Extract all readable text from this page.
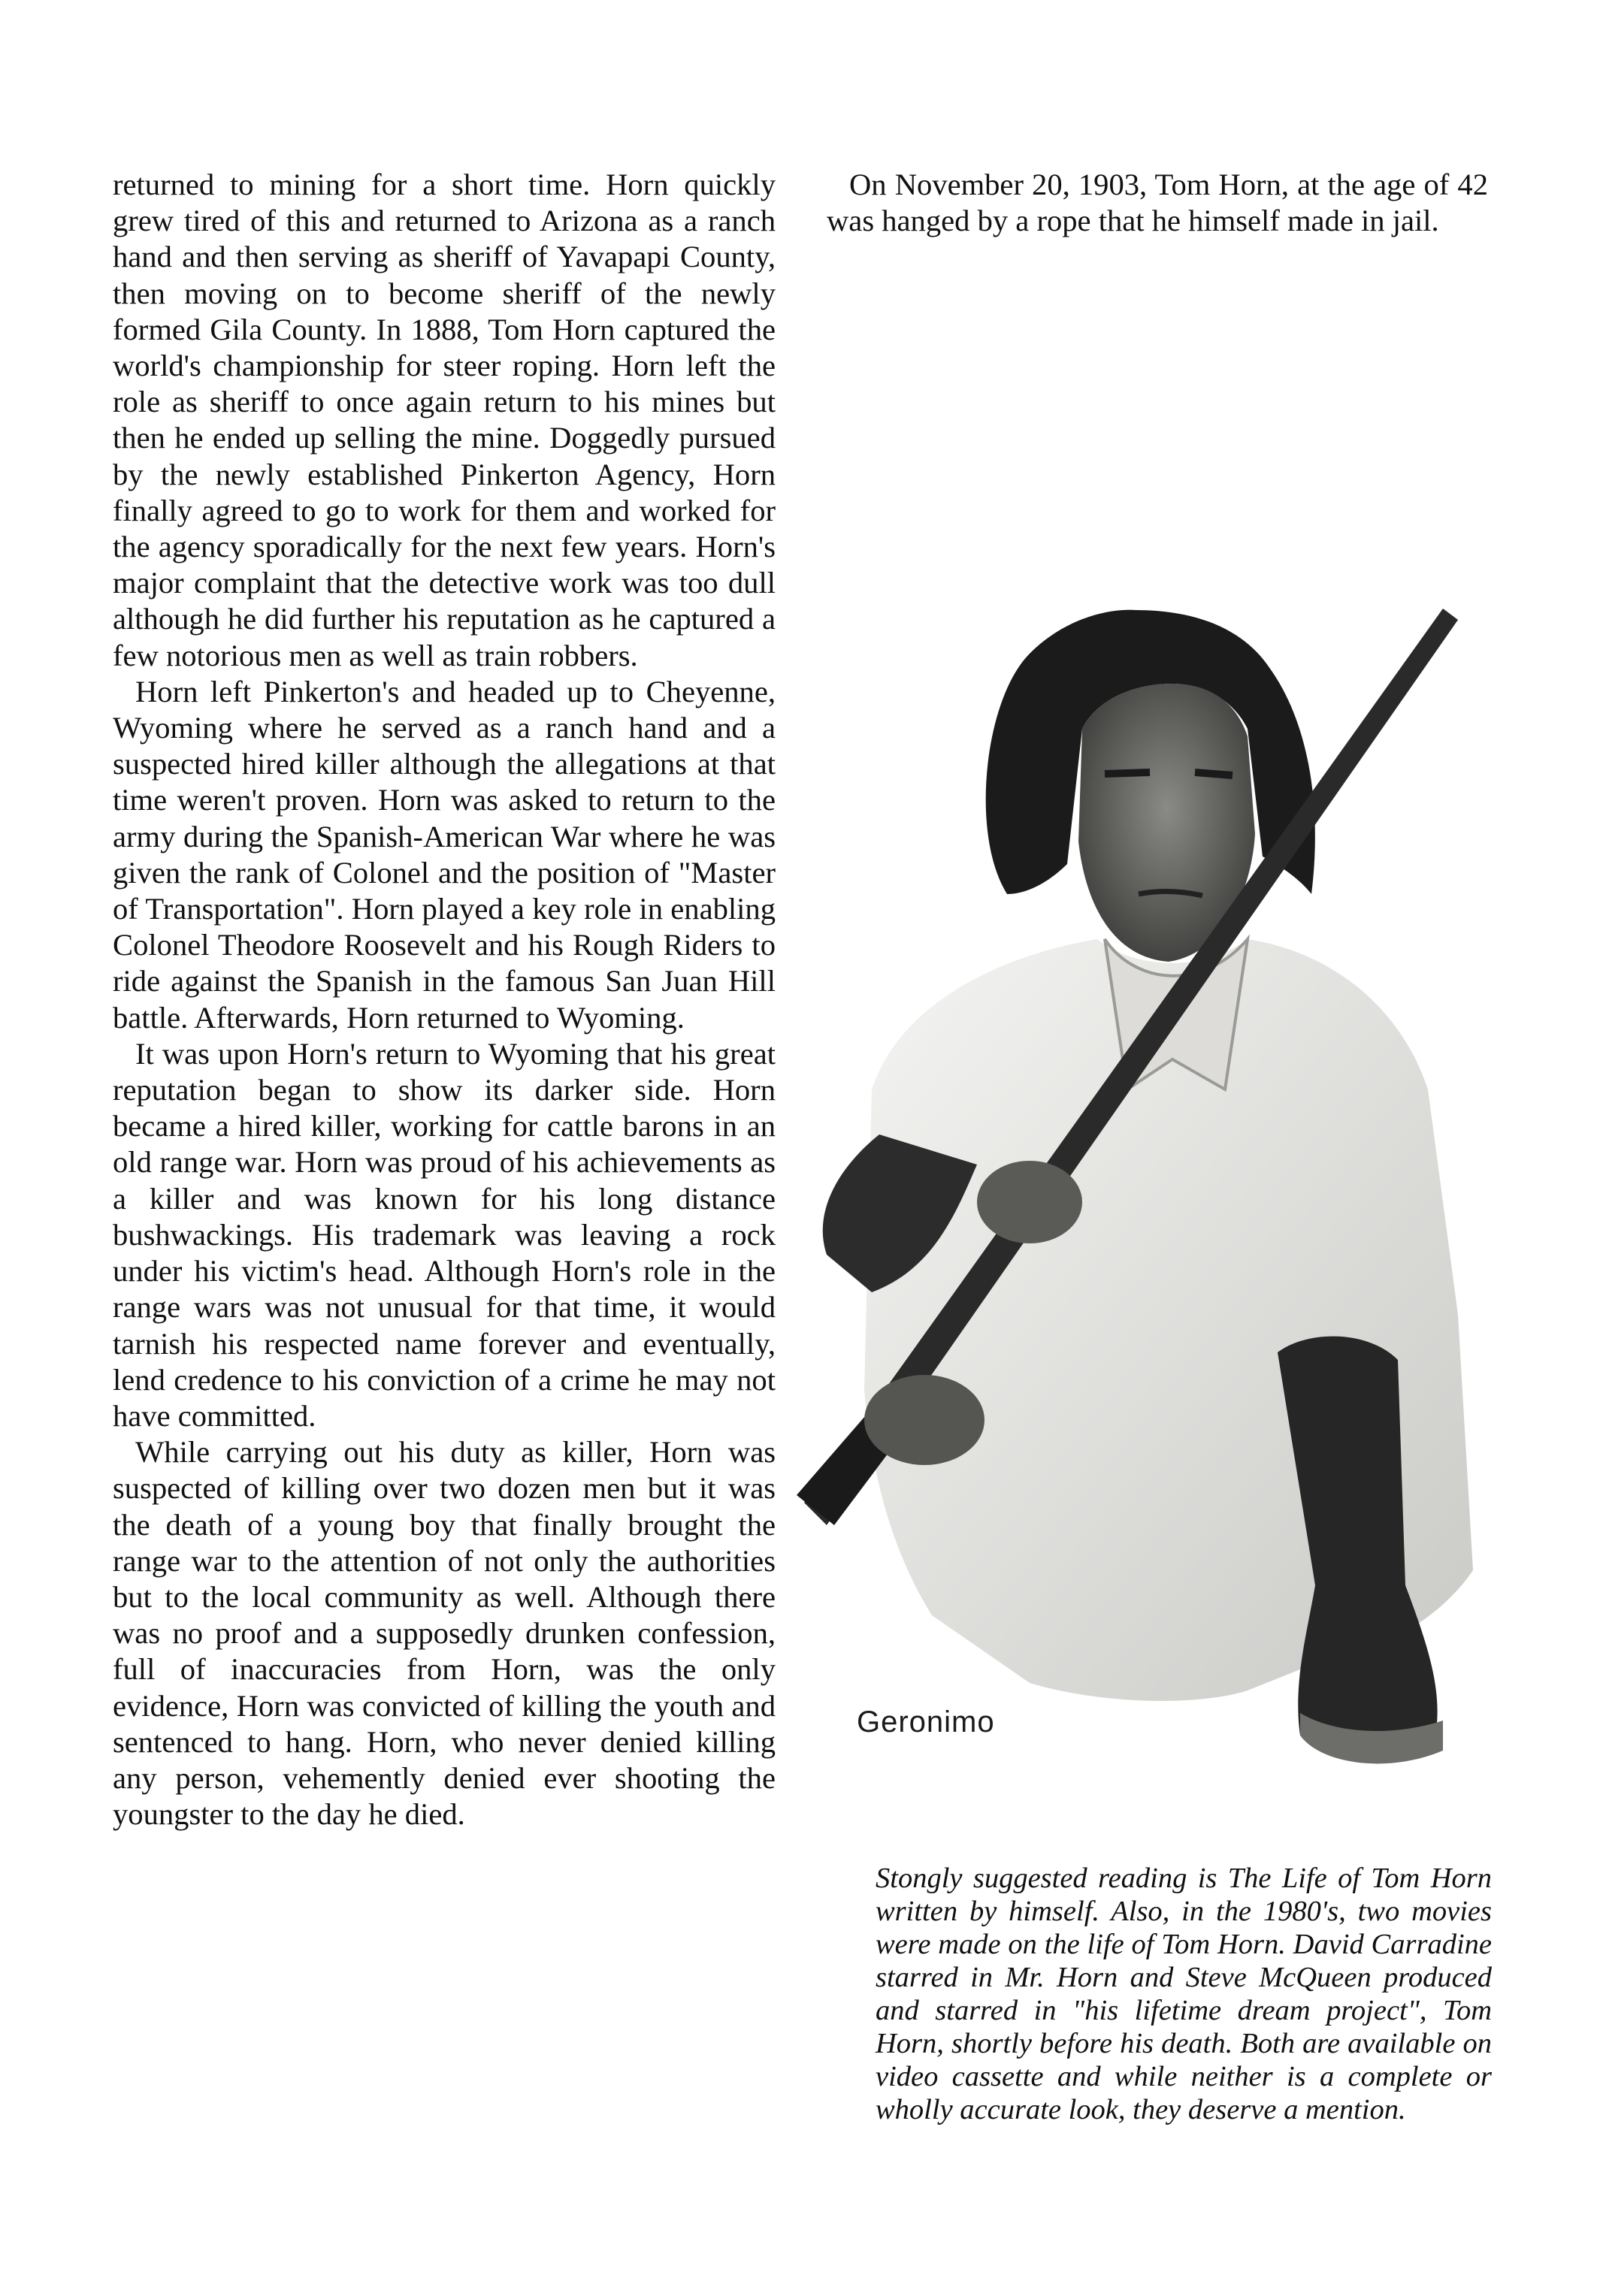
returned to mining for a short time. Horn quickly grew tired of this and returned to Arizona as a ranch hand and then serving as sheriff of Yavapapi County, then moving on to become sheriff of the newly formed Gila County. In 1888, Tom Horn captured the world's championship for steer roping. Horn left the role as sheriff to once again return to his mines but then he ended up selling the mine. Doggedly pursued by the newly established Pinkerton Agency, Horn finally agreed to go to work for them and worked for the agency sporadically for the next few years. Horn's major complaint that the detective work was too dull although he did further his reputation as he captured a few notorious men as well as train robbers.

Horn left Pinkerton's and headed up to Cheyenne, Wyoming where he served as a ranch hand and a suspected hired killer although the allegations at that time weren't proven. Horn was asked to return to the army during the Spanish-American War where he was given the rank of Colonel and the position of "Master of Transportation". Horn played a key role in enabling Colonel Theodore Roosevelt and his Rough Riders to ride against the Spanish in the famous San Juan Hill battle. Afterwards, Horn returned to Wyoming.

It was upon Horn's return to Wyoming that his great reputation began to show its darker side. Horn became a hired killer, working for cattle barons in an old range war. Horn was proud of his achievements as a killer and was known for his long distance bushwackings. His trademark was leaving a rock under his victim's head. Although Horn's role in the range wars was not unusual for that time, it would tarnish his respected name forever and eventually, lend credence to his conviction of a crime he may not have committed.

While carrying out his duty as killer, Horn was suspected of killing over two dozen men but it was the death of a young boy that finally brought the range war to the attention of not only the authorities but to the local community as well. Although there was no proof and a supposedly drunken confession, full of inaccuracies from Horn, was the only evidence, Horn was convicted of killing the youth and sentenced to hang. Horn, who never denied killing any person, vehemently denied ever shooting the youngster to the day he died.

On November 20, 1903, Tom Horn, at the age of 42 was hanged by a rope that he himself made in jail.

Geronimo

Stongly suggested reading is The Life of Tom Horn written by himself. Also, in the 1980's, two movies were made on the life of Tom Horn. David Carradine starred in Mr. Horn and Steve McQueen produced and starred in "his lifetime dream project", Tom Horn, shortly before his death. Both are available on video cassette and while neither is a complete or wholly accurate look, they deserve a mention.
